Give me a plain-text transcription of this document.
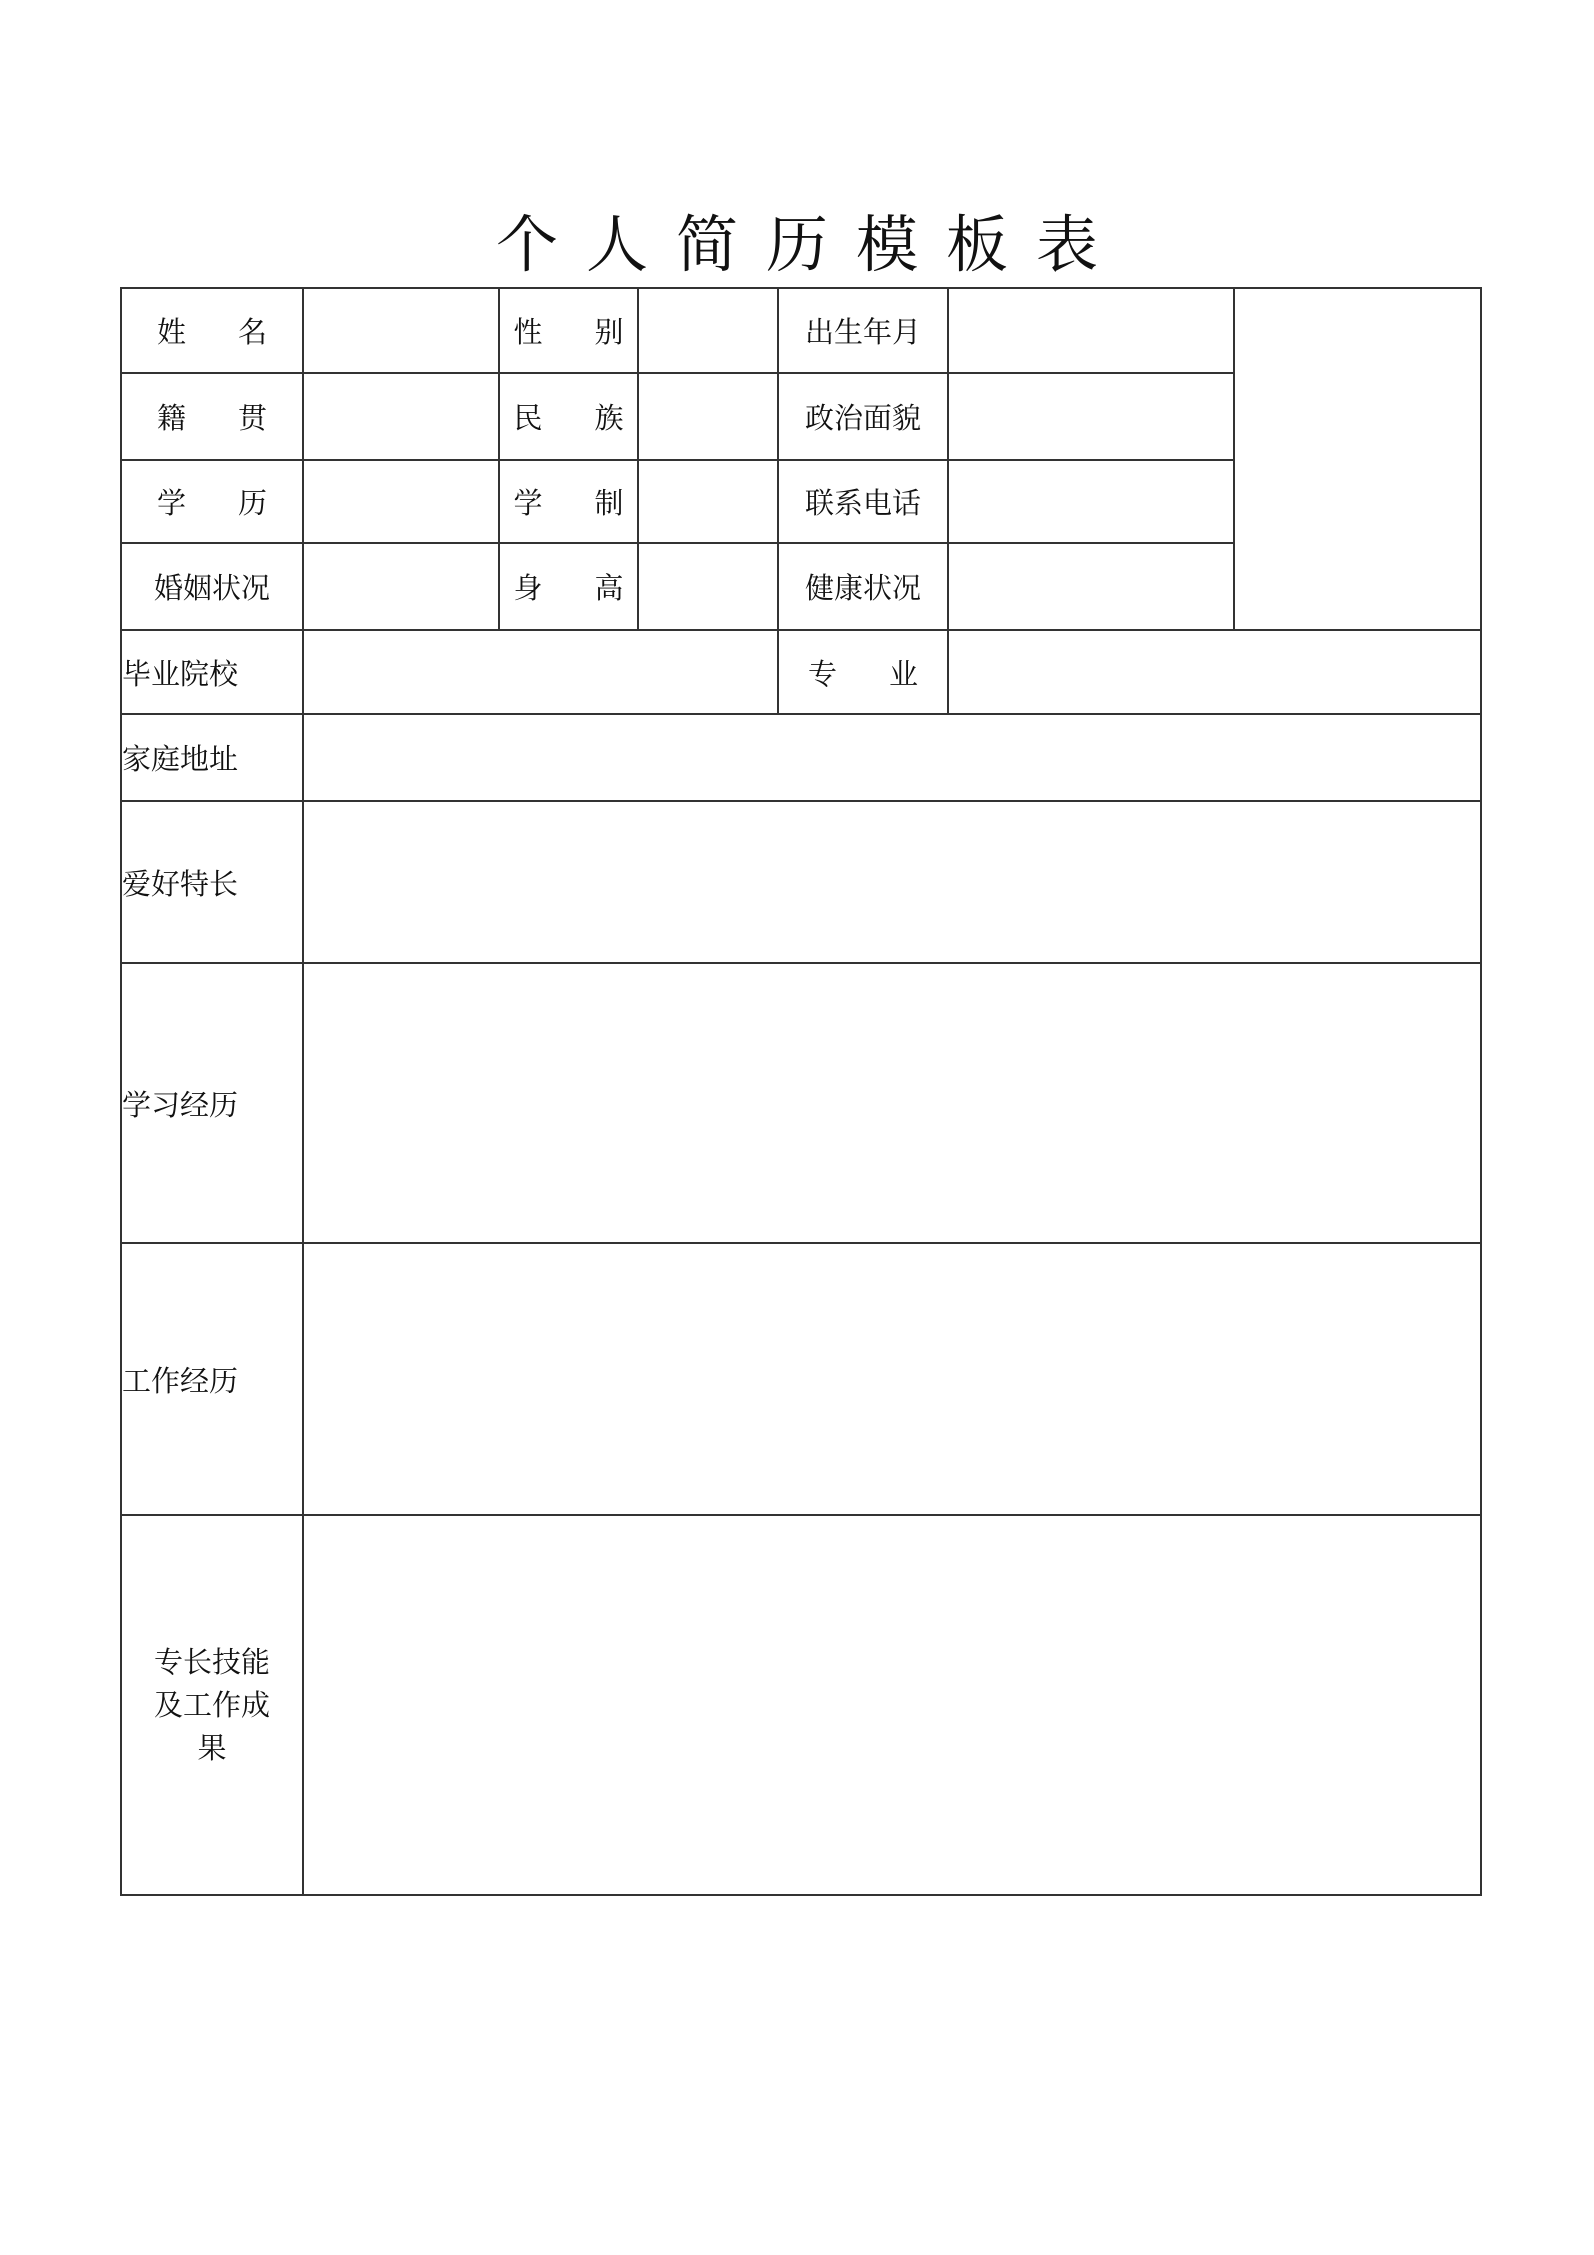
个人简历模板表
姓　名		性　别		出生年月		
籍　贯		民　族		政治面貌		
学　历		学　制		联系电话		
婚姻状况		身　高		健康状况		
毕业院校				专　业		
家庭地址						
爱好特长						
学习经历						
工作经历						

专长技能
及工作成
果						
